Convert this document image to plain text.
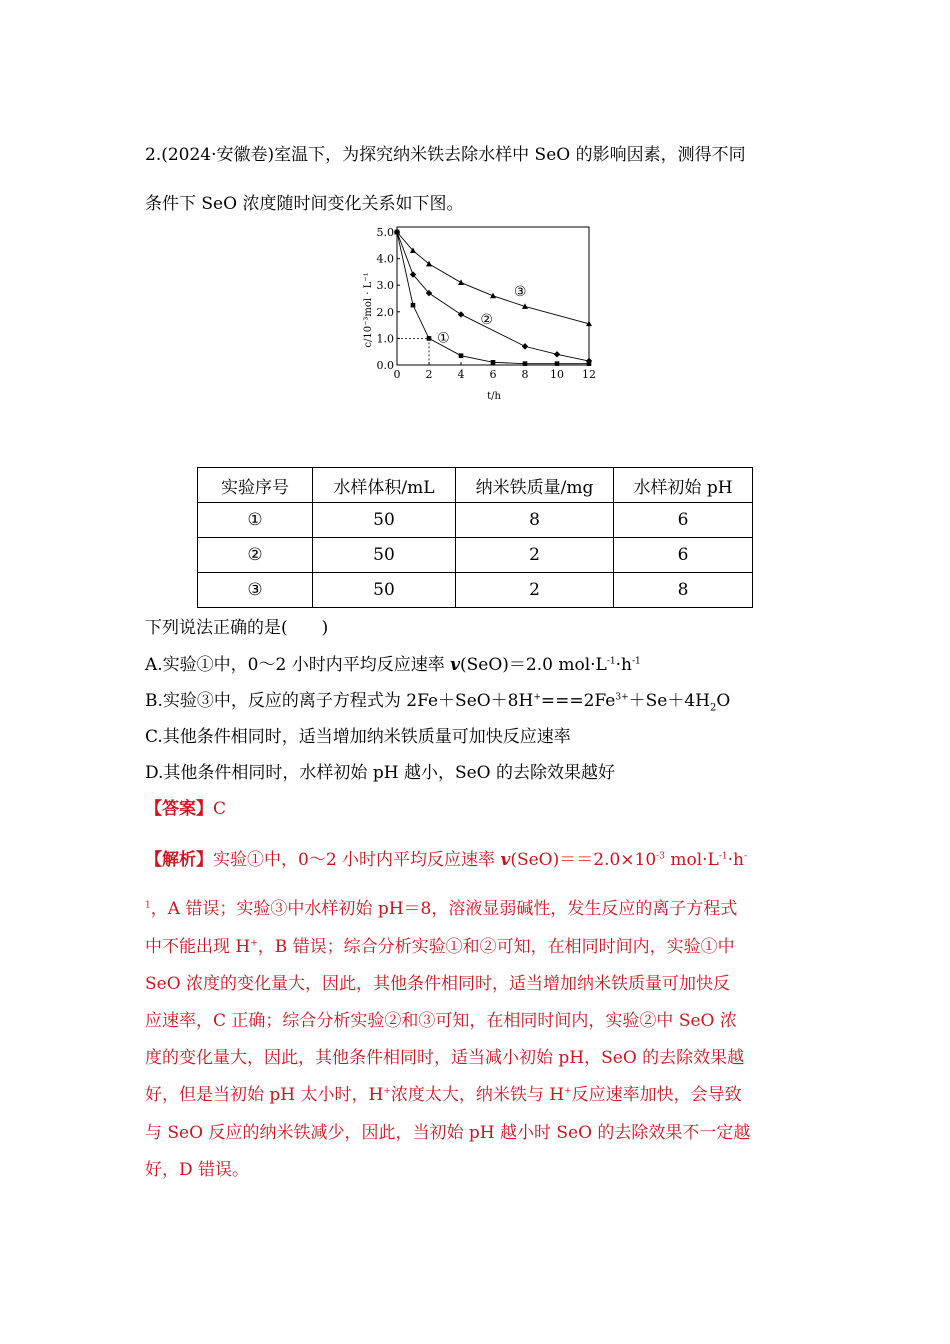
2.(2024·安徽卷)室温下，为探究纳米铁去除水样中 SeO 的影响因素，测得不同
条件下 SeO 浓度随时间变化关系如下图。
0 2 4 6 8 10 12
0.0
1.0
2.0
3.0
4.0
5.0
①
②
③
c/10⁻³mol · L⁻¹
t/h
实验序号	水样体积/mL	纳米铁质量/mg	水样初始 pH
①	50	8	6
②	50	2	6
③	50	2	8
下列说法正确的是(　　)
A.实验①中，0～2 小时内平均反应速率 v(SeO)＝2.0 $mol\cdot L^{-1}\cdot h^{-1}$
B.实验③中，反应的离子方程式为 $2Fe+SeO+8H^+===2Fe^{3+}+Se+4H_2O$
C.其他条件相同时，适当增加纳米铁质量可加快反应速率
D.其他条件相同时，水样初始 pH 越小，SeO 的去除效果越好
【答案】C
【解析】实验①中，0～2 小时内平均反应速率 $v(SeO)==2.0\times 10^{-3}$ $mol\cdot L^{-1}\cdot h^-$
$^1$，A 错误；实验③中水样初始 pH＝8，溶液显弱碱性，发生反应的离子方程式
中不能出现 H+，B 错误；综合分析实验①和②可知，在相同时间内，实验①中
SeO 浓度的变化量大，因此，其他条件相同时，适当增加纳米铁质量可加快反
应速率，C 正确；综合分析实验②和③可知，在相同时间内，实验②中 SeO 浓
度的变化量大，因此，其他条件相同时，适当减小初始 pH，SeO 的去除效果越
好，但是当初始 pH 太小时，H+浓度太大，纳米铁与 H+反应速率加快，会导致
与 SeO 反应的纳米铁减少，因此，当初始 pH 越小时 SeO 的去除效果不一定越
好，D 错误。
